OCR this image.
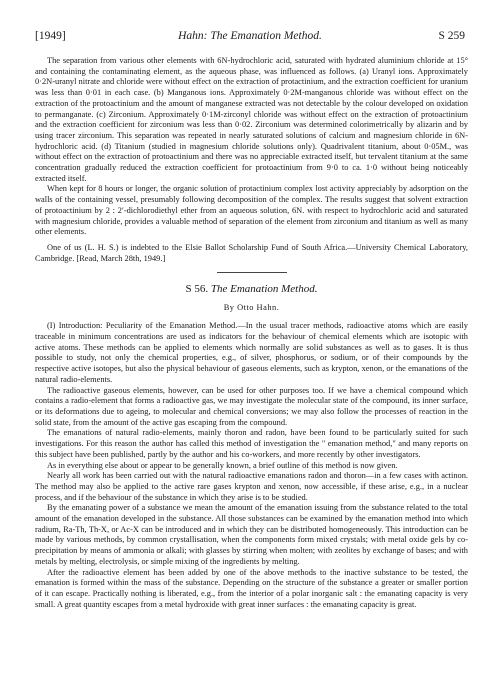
[1949]	Hahn: The Emanation Method.	S 259

The separation from various other elements with 6N-hydrochloric acid, saturated with hydrated aluminium chloride at 15° and containing the contaminating element, as the aqueous phase, was influenced as follows. (a) Uranyl ions. Approximately 0·2N-uranyl nitrate and chloride were without effect on the extraction of protactinium, and the extraction coefficient for uranium was less than 0·01 in each case. (b) Manganous ions. Approximately 0·2M-manganous chloride was without effect on the extraction of the protoactinium and the amount of manganese extracted was not detectable by the colour developed on oxidation to permanganate. (c) Zirconium. Approximately 0·1M-zirconyl chloride was without effect on the extraction of protoactinium and the extraction coefficient for zirconium was less than 0·02. Zirconium was determined colorimetrically by alizarin and by using tracer zirconium. This separation was repeated in nearly saturated solutions of calcium and magnesium chloride in 6N-hydrochloric acid. (d) Titanium (studied in magnesium chloride solutions only). Quadrivalent titanium, about 0·05M., was without effect on the extraction of protoactinium and there was no appreciable extracted itself, but tervalent titanium at the same concentration gradually reduced the extraction coefficient for protoactinium from 9·0 to ca. 1·0 without being noticeably extracted itself.

When kept for 8 hours or longer, the organic solution of protactinium complex lost activity appreciably by adsorption on the walls of the containing vessel, presumably following decomposition of the complex. The results suggest that solvent extraction of protoactinium by 2 : 2′-dichlorodiethyl ether from an aqueous solution, 6N. with respect to hydrochloric acid and saturated with magnesium chloride, provides a valuable method of separation of the element from zirconium and titanium as well as many other elements.

One of us (L. H. S.) is indebted to the Elsie Ballot Scholarship Fund of South Africa.—University Chemical Laboratory, Cambridge. [Read, March 28th, 1949.]

S 56. The Emanation Method.

By Otto Hahn.

(I) Introduction: Peculiarity of the Emanation Method.—In the usual tracer methods, radioactive atoms which are easily traceable in minimum concentrations are used as indicators for the behaviour of chemical elements which are isotopic with active atoms. These methods can be applied to elements which normally are solid substances as well as to gases. It is thus possible to study, not only the chemical properties, e.g., of silver, phosphorus, or sodium, or of their compounds by the respective active isotopes, but also the physical behaviour of gaseous elements, such as krypton, xenon, or the emanations of the natural radio-elements.

The radioactive gaseous elements, however, can be used for other purposes too. If we have a chemical compound which contains a radio-element that forms a radioactive gas, we may investigate the molecular state of the compound, its inner surface, or its deformations due to ageing, to molecular and chemical conversions; we may also follow the processes of reaction in the solid state, from the amount of the active gas escaping from the compound.

The emanations of natural radio-elements, mainly thoron and radon, have been found to be particularly suited for such investigations. For this reason the author has called this method of investigation the " emanation method," and many reports on this subject have been published, partly by the author and his co-workers, and more recently by other investigators.

As in everything else about or appear to be generally known, a brief outline of this method is now given.

Nearly all work has been carried out with the natural radioactive emanations radon and thoron—in a few cases with actinon. The method may also be applied to the active rare gases krypton and xenon, now accessible, if these arise, e.g., in a nuclear process, and if the behaviour of the substance in which they arise is to be studied.

By the emanating power of a substance we mean the amount of the emanation issuing from the substance related to the total amount of the emanation developed in the substance. All those substances can be examined by the emanation method into which radium, Ra-Th, Th-X, or Ac-X can be introduced and in which they can be distributed homogeneously. This introduction can be made by various methods, by common crystallisation, when the components form mixed crystals; with metal oxide gels by co-precipitation by means of ammonia or alkali; with glasses by stirring when molten; with zeolites by exchange of bases; and with metals by melting, electrolysis, or simple mixing of the ingredients by melting.

After the radioactive element has been added by one of the above methods to the inactive substance to be tested, the emanation is formed within the mass of the substance. Depending on the structure of the substance a greater or smaller portion of it can escape. Practically nothing is liberated, e.g., from the interior of a polar inorganic salt : the emanating capacity is very small. A great quantity escapes from a metal hydroxide with great inner surfaces : the emanating capacity is great.
